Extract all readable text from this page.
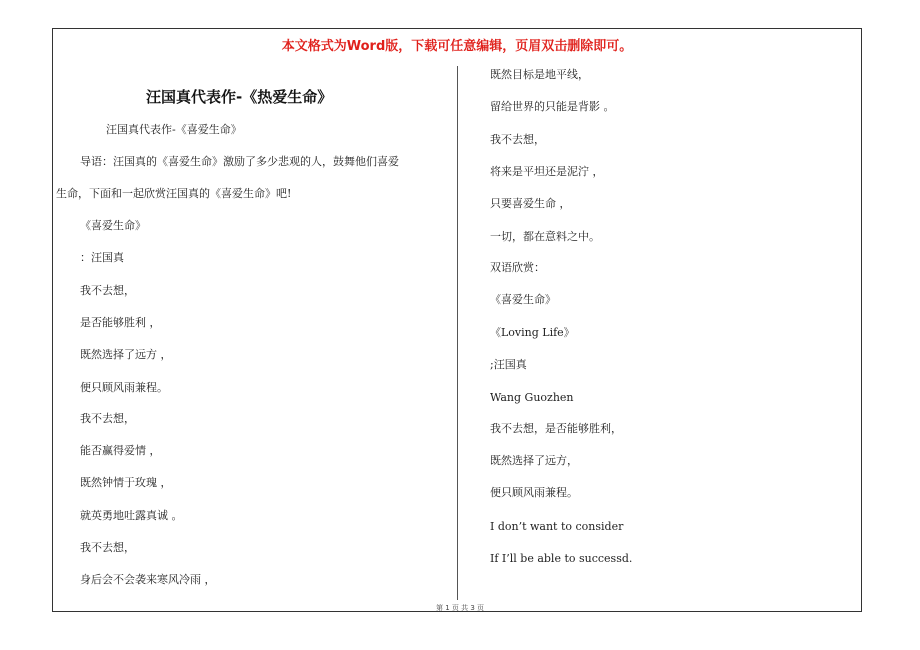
本文格式为Word版，下载可任意编辑，页眉双击删除即可。
汪国真代表作-《热爱生命》
汪国真代表作-《喜爱生命》
导语：汪国真的《喜爱生命》激励了多少悲观的人，鼓舞他们喜爱
生命，下面和一起欣赏汪国真的《喜爱生命》吧!
《喜爱生命》
：汪国真
我不去想，
是否能够胜利 ，
既然选择了远方 ，
便只顾风雨兼程。
我不去想，
能否赢得爱情 ，
既然钟情于玫瑰 ，
就英勇地吐露真诚 。
我不去想，
身后会不会袭来寒风冷雨 ，
既然目标是地平线，
留给世界的只能是背影 。
我不去想，
将来是平坦还是泥泞 ，
只要喜爱生命 ，
一切，都在意料之中。
双语欣赏：
《喜爱生命》
《Loving Life》
;汪国真
Wang Guozhen
我不去想，是否能够胜利，
既然选择了远方，
便只顾风雨兼程。
I don’t want to consider
If I’ll be able to successd.
第 1 页 共 3 页
